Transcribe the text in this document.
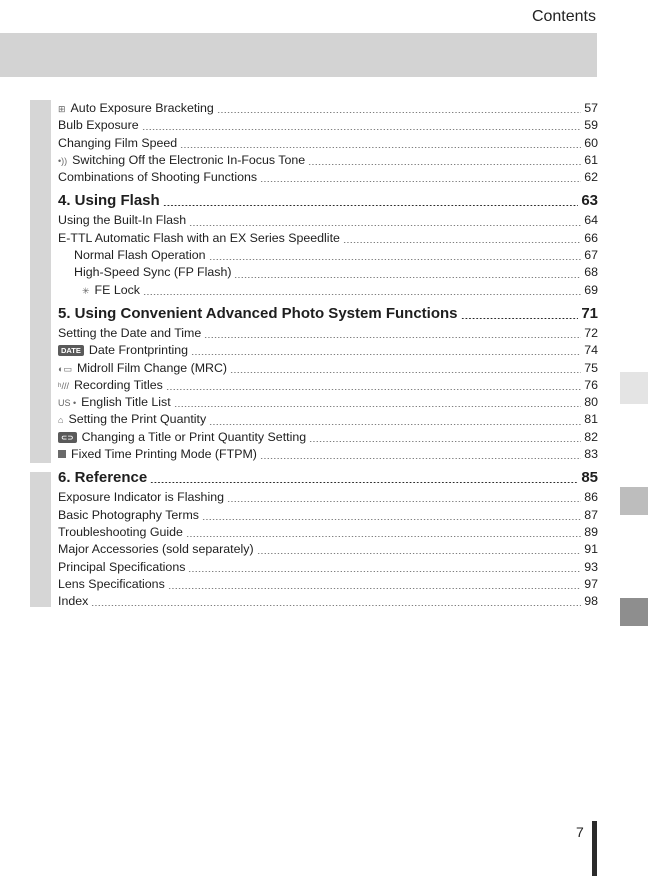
Contents
⊞ Auto Exposure Bracketing	57
Bulb Exposure	59
Changing Film Speed	60
•)) Switching Off the Electronic In-Focus Tone	61
Combinations of Shooting Functions	62
4. Using Flash	63
Using the Built-In Flash	64
E-TTL Automatic Flash with an EX Series Speedlite	66
Normal Flash Operation	67
High-Speed Sync (FP Flash)	68
✳ FE Lock	69
5. Using Convenient Advanced Photo System Functions	71
Setting the Date and Time	72
DATE Date Frontprinting	74
◐▭ Midroll Film Change (MRC)	75
ʰ/// Recording Titles	76
US • English Title List	80
⌂ Setting the Print Quantity	81
⊂⊃ Changing a Title or Print Quantity Setting	82
Fixed Time Printing Mode (FTPM)	83
6. Reference	85
Exposure Indicator is Flashing	86
Basic Photography Terms	87
Troubleshooting Guide	89
Major Accessories (sold separately)	91
Principal Specifications	93
Lens Specifications	97
Index	98
7
